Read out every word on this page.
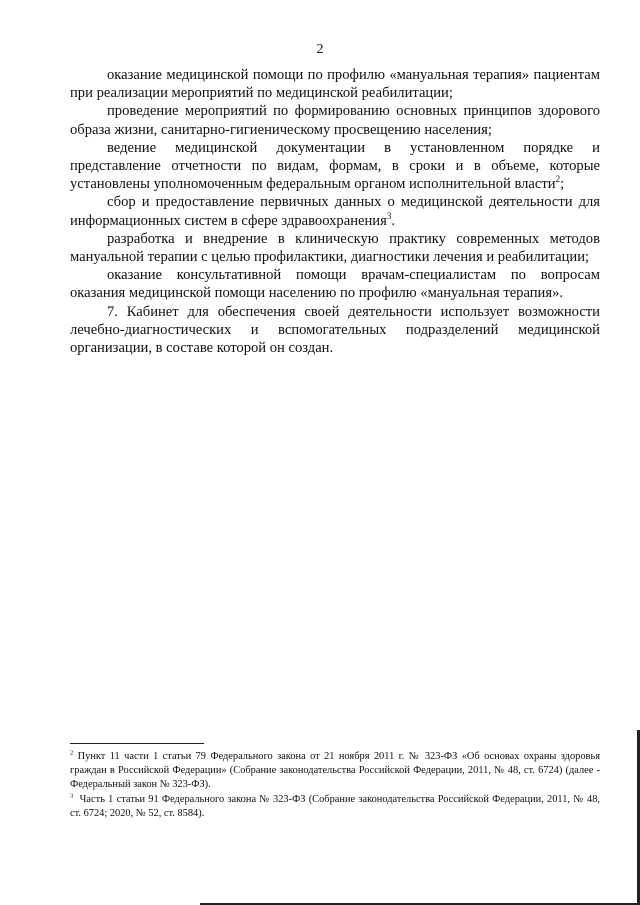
2

оказание медицинской помощи по профилю «мануальная терапия» пациентам при реализации мероприятий по медицинской реабилитации;

проведение мероприятий по формированию основных принципов здорового образа жизни, санитарно-гигиеническому просвещению населения;

ведение медицинской документации в установленном порядке и представление отчетности по видам, формам, в сроки и в объеме, которые установлены уполномоченным федеральным органом исполнительной власти$^2$;

сбор и предоставление первичных данных о медицинской деятельности для информационных систем в сфере здравоохранения$^3$.

разработка и внедрение в клиническую практику современных методов мануальной терапии с целью профилактики, диагностики лечения и реабилитации;

оказание консультативной помощи врачам-специалистам по вопросам оказания медицинской помощи населению по профилю «мануальная терапия».

7. Кабинет для обеспечения своей деятельности использует возможности лечебно-диагностических и вспомогательных подразделений медицинской организации, в составе которой он создан.

$^2$ Пункт 11 части 1 статьи 79 Федерального закона от 21 ноября 2011 г. № 323-ФЗ «Об основах охраны здоровья граждан в Российской Федерации» (Собрание законодательства Российской Федерации, 2011, № 48, ст. 6724) (далее - Федеральный закон № 323-ФЗ).

$^3$ Часть 1 статьи 91 Федерального закона № 323-ФЗ (Собрание законодательства Российской Федерации, 2011, № 48, ст. 6724; 2020, № 52, ст. 8584).
